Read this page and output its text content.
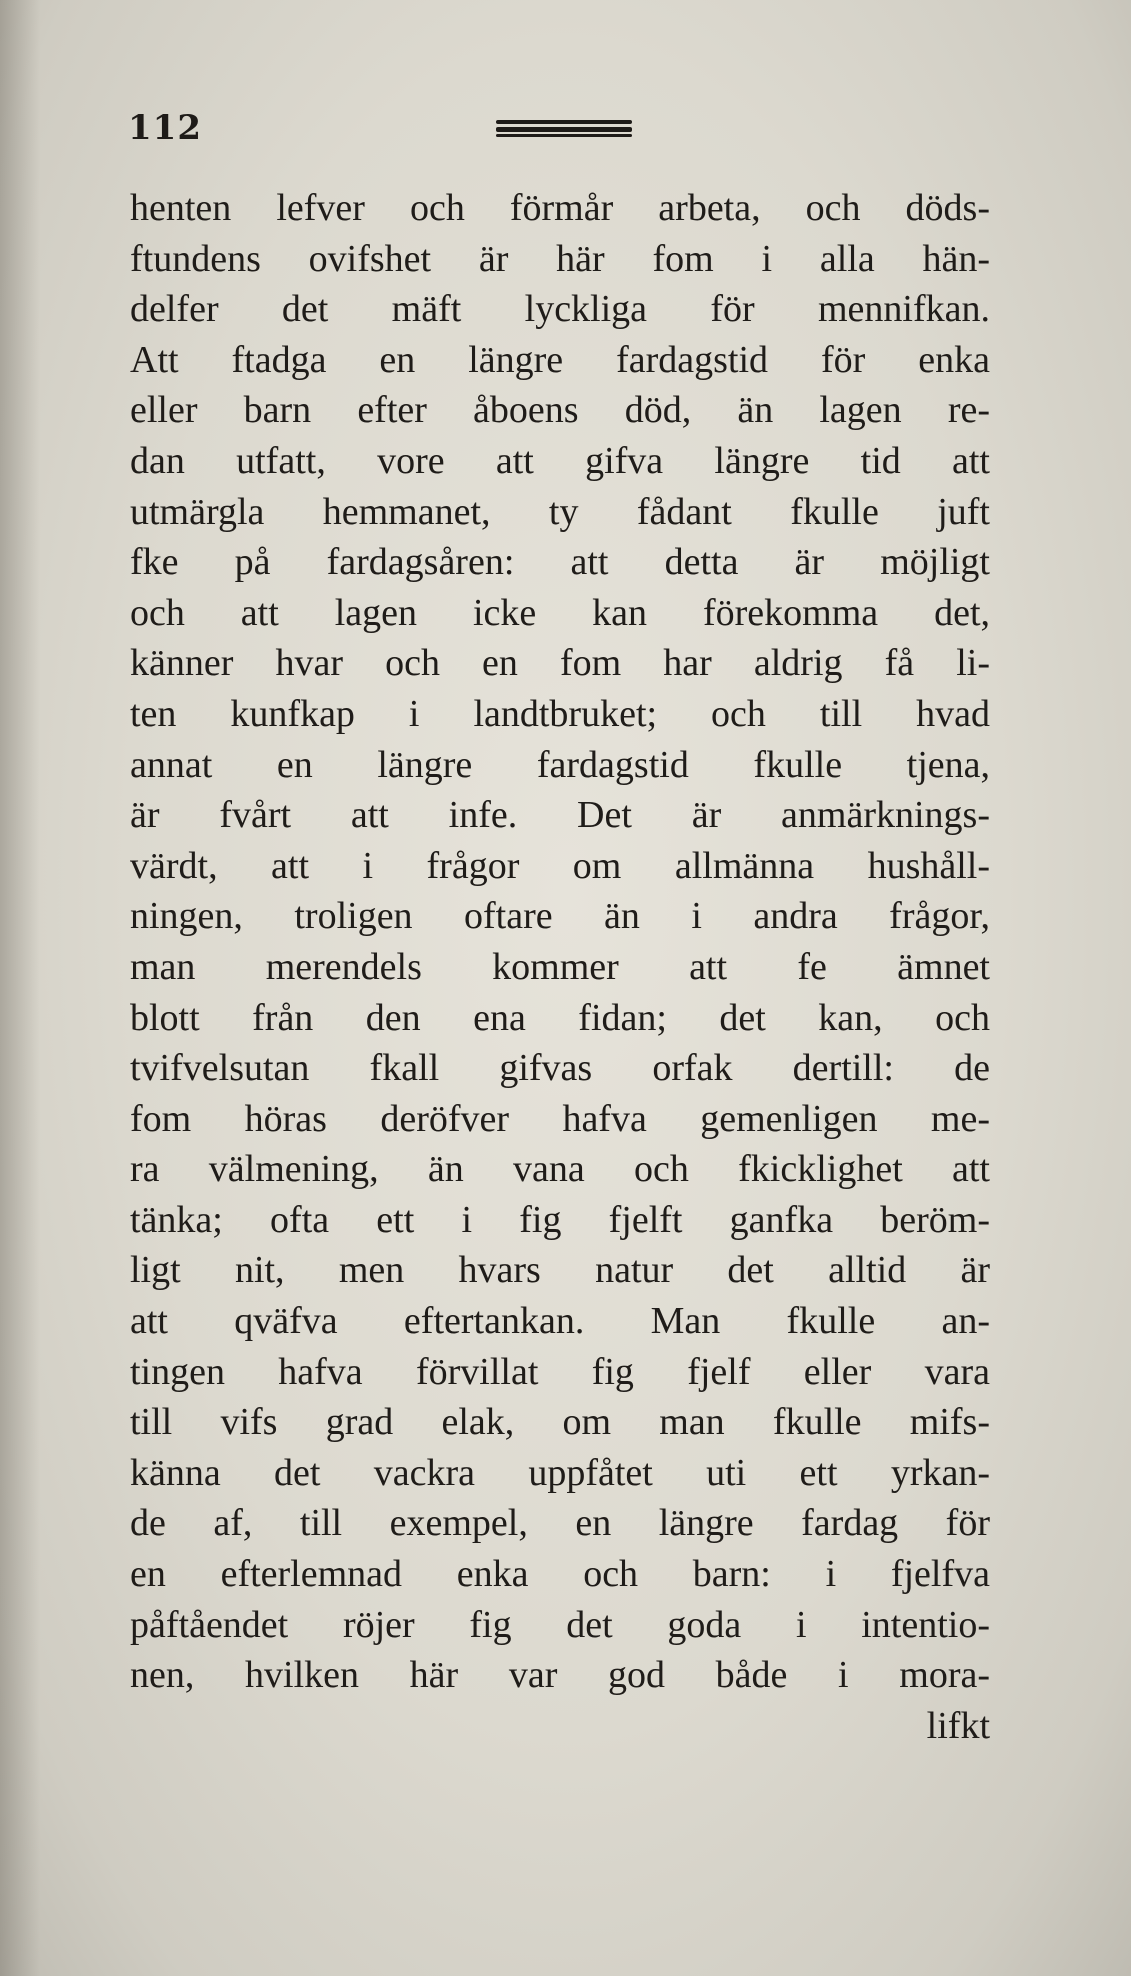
112
henten lefver och förmår arbeta, och döds-
ftundens ovifshet är här fom i alla hän-
delfer det mäft lyckliga för mennifkan.
Att ftadga en längre fardagstid för enka
eller barn efter åboens död, än lagen re-
dan utfatt, vore att gifva längre tid att
utmärgla hemmanet, ty fådant fkulle juft
fke på fardagsåren: att detta är möjligt
och att lagen icke kan förekomma det,
känner hvar och en fom har aldrig få li-
ten kunfkap i landtbruket; och till hvad
annat en längre fardagstid fkulle tjena,
är fvårt att infe. Det är anmärknings-
värdt, att i frågor om allmänna hushåll-
ningen, troligen oftare än i andra frågor,
man merendels kommer att fe ämnet
blott från den ena fidan; det kan, och
tvifvelsutan fkall gifvas orfak dertill: de
fom höras deröfver hafva gemenligen me-
ra välmening, än vana och fkicklighet att
tänka; ofta ett i fig fjelft ganfka beröm-
ligt nit, men hvars natur det alltid är
att qväfva eftertankan. Man fkulle an-
tingen hafva förvillat fig fjelf eller vara
till vifs grad elak, om man fkulle mifs-
känna det vackra uppfåtet uti ett yrkan-
de af, till exempel, en längre fardag för
en efterlemnad enka och barn: i fjelfva
påftåendet röjer fig det goda i intentio-
nen, hvilken här var god både i mora-
lifkt
